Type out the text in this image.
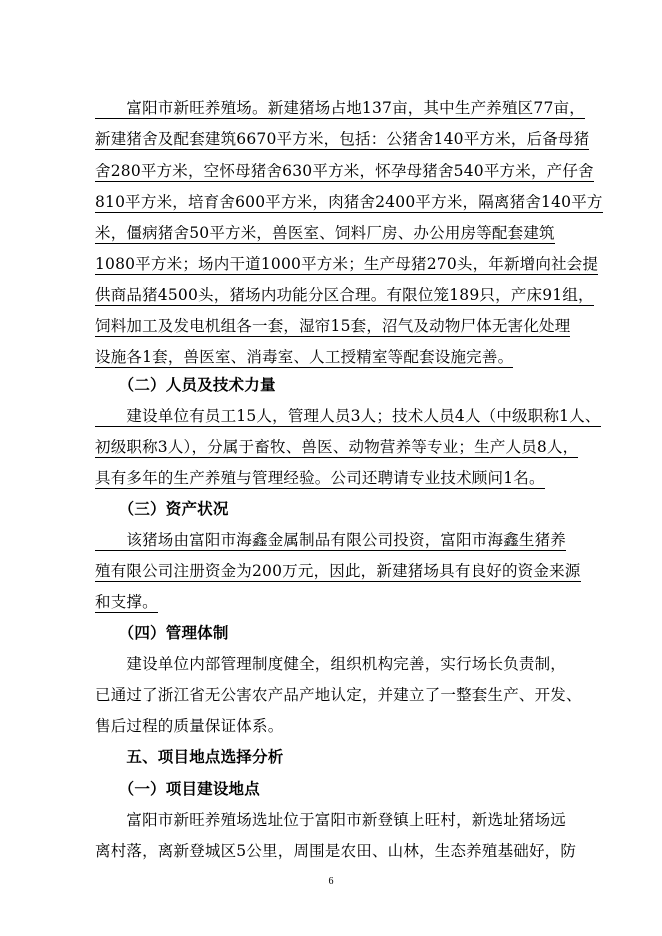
　　富阳市新旺养殖场。新建猪场占地137亩，其中生产养殖区77亩，
新建猪舍及配套建筑6670平方米，包括：公猪舍140平方米，后备母猪
舍280平方米，空怀母猪舍630平方米，怀孕母猪舍540平方米，产仔舍
810平方米，培育舍600平方米，肉猪舍2400平方米，隔离猪舍140平方
米，僵病猪舍50平方米，兽医室、饲料厂房、办公用房等配套建筑
1080平方米；场内干道1000平方米；生产母猪270头，年新增向社会提
供商品猪4500头，猪场内功能分区合理。有限位笼189只，产床91组，
饲料加工及发电机组各一套，湿帘15套，沼气及动物尸体无害化处理
设施各1套，兽医室、消毒室、人工授精室等配套设施完善。
　　（二）人员及技术力量
　　建设单位有员工15人，管理人员3人；技术人员4人（中级职称1人、
初级职称3人），分属于畜牧、兽医、动物营养等专业；生产人员8人，
具有多年的生产养殖与管理经验。公司还聘请专业技术顾问1名。
　　（三）资产状况
　　该猪场由富阳市海鑫金属制品有限公司投资，富阳市海鑫生猪养
殖有限公司注册资金为200万元，因此，新建猪场具有良好的资金来源
和支撑。
　　（四）管理体制
　　建设单位内部管理制度健全，组织机构完善，实行场长负责制，
已通过了浙江省无公害农产品产地认定，并建立了一整套生产、开发、
售后过程的质量保证体系。
　　五、项目地点选择分析
　　（一）项目建设地点
　　富阳市新旺养殖场选址位于富阳市新登镇上旺村，新选址猪场远
离村落，离新登城区5公里，周围是农田、山林，生态养殖基础好，防
6
